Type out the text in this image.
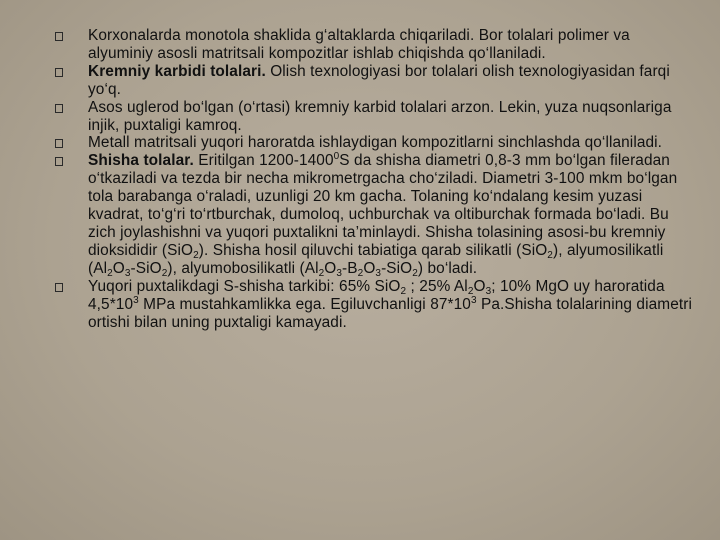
Korxonalarda monotola shaklida g‘altaklarda chiqariladi. Bor tolalari polimer va alyuminiy asosli matritsali kompozitlar ishlab chiqishda qo‘llaniladi.
Kremniy karbidi tolalari. Olish texnologiyasi bor tolalari olish texnologiyasidan farqi yo‘q.
Asos uglerod bo‘lgan (o‘rtasi) kremniy karbid tolalari arzon. Lekin, yuza nuqsonlariga injik, puxtaligi kamroq.
Metall matritsali yuqori haroratda ishlaydigan kompozitlarni sinchlashda qo‘llaniladi.
Shisha tolalar. Eritilgan 1200-1400$^0$S da shisha diametri 0,8-3 mm bo‘lgan fileradan o‘tkaziladi va tezda bir necha mikrometrgacha cho‘ziladi. Diametri 3-100 mkm bo‘lgan tola barabanga o‘raladi, uzunligi 20 km gacha. Tolaning ko‘ndalang kesim yuzasi kvadrat, to‘g‘ri to‘rtburchak, dumoloq, uchburchak va oltiburchak formada bo‘ladi. Bu zich joylashishni va yuqori puxtalikni ta’minlaydi. Shisha tolasining asosi-bu kremniy dioksididir (SiO$_2$). Shisha hosil qiluvchi tabiatiga qarab silikatli (SiO$_2$), alyumosilikatli $(Al_2O_3-SiO_2)$, alyumobosilikatli $(Al_2O_3-B_2O_3-SiO_2)$ bo‘ladi.
Yuqori puxtalikdagi S-shisha tarkibi: 65% SiO$_2$ ; 25% $Al_2O_3$; 10% MgO uy haroratida $4,5*10^3$ MPa mustahkamlikka ega. Egiluvchanligi $87*10^3$ Pa.Shisha tolalarining diametri ortishi bilan uning puxtaligi kamayadi.
